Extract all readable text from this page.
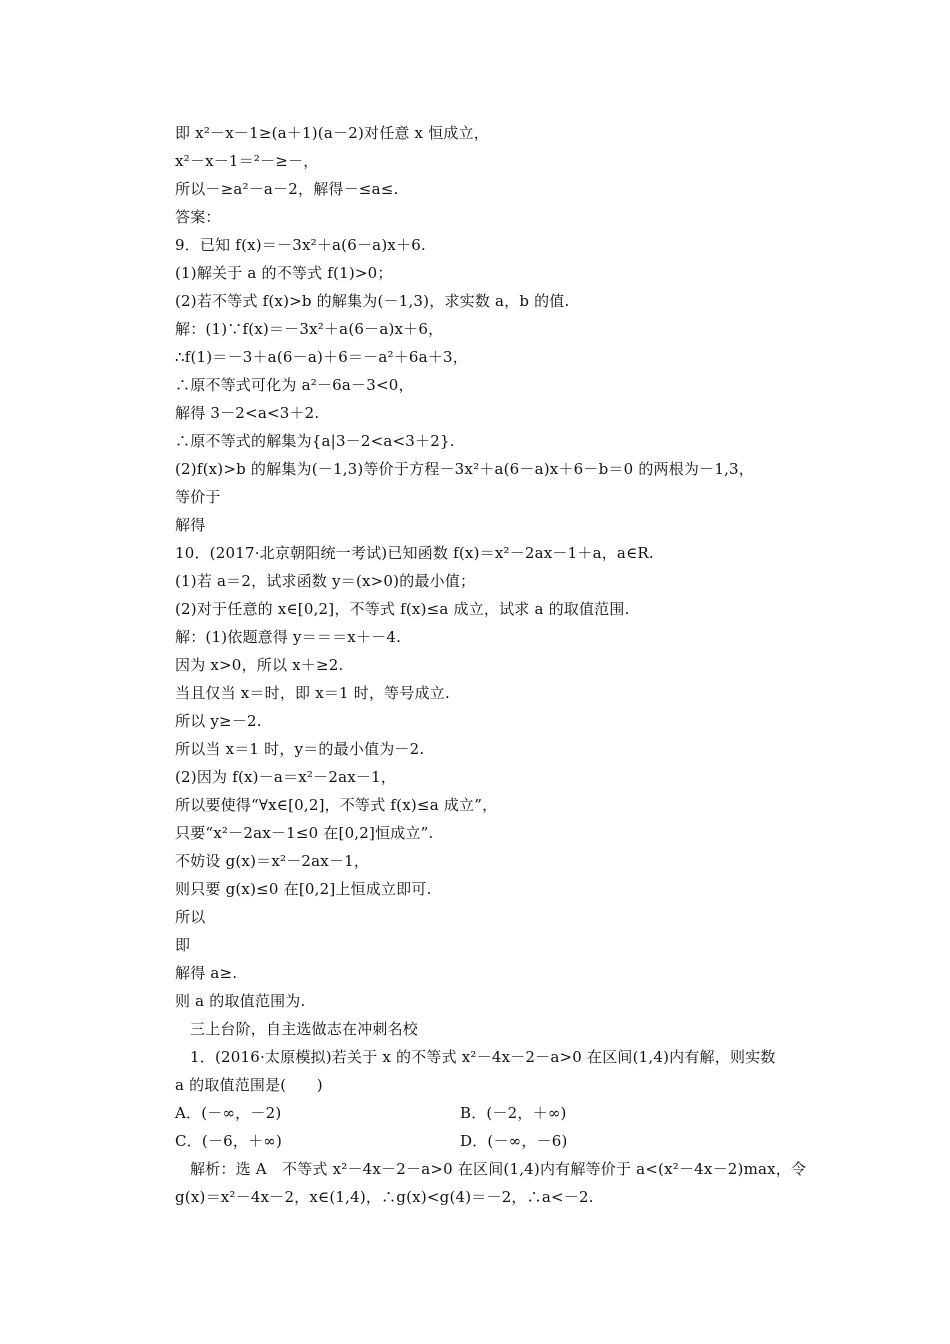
即 x²－x－1≥(a＋1)(a－2)对任意 x 恒成立，
x²－x－1＝²－≥－，
所以－≥a²－a－2，解得－≤a≤.
答案：
9．已知 f(x)＝－3x²＋a(6－a)x＋6.
(1)解关于 a 的不等式 f(1)>0；
(2)若不等式 f(x)>b 的解集为(－1,3)，求实数 a，b 的值.
解：(1)∵f(x)＝－3x²＋a(6－a)x＋6，
∴f(1)＝－3＋a(6－a)＋6＝－a²＋6a＋3，
∴原不等式可化为 a²－6a－3<0，
解得 3－2<a<3＋2.
∴原不等式的解集为{a|3－2<a<3＋2}.
(2)f(x)>b 的解集为(－1,3)等价于方程－3x²＋a(6－a)x＋6－b＝0 的两根为－1,3，
等价于
解得
10．(2017·北京朝阳统一考试)已知函数 f(x)＝x²－2ax－1＋a，a∈R.
(1)若 a＝2，试求函数 y＝(x>0)的最小值；
(2)对于任意的 x∈[0,2]，不等式 f(x)≤a 成立，试求 a 的取值范围.
解：(1)依题意得 y＝＝＝x＋－4.
因为 x>0，所以 x＋≥2.
当且仅当 x＝时，即 x＝1 时，等号成立.
所以 y≥－2.
所以当 x＝1 时，y＝的最小值为－2.
(2)因为 f(x)－a＝x²－2ax－1，
所以要使得“∀x∈[0,2]，不等式 f(x)≤a 成立”，
只要“x²－2ax－1≤0 在[0,2]恒成立”.
不妨设 g(x)＝x²－2ax－1，
则只要 g(x)≤0 在[0,2]上恒成立即可.
所以
即
解得 a≥.
则 a 的取值范围为.
三上台阶，自主选做志在冲刺名校
1．(2016·太原模拟)若关于 x 的不等式 x²－4x－2－a>0 在区间(1,4)内有解，则实数
a 的取值范围是(　　)
解析：选 A　不等式 x²－4x－2－a>0 在区间(1,4)内有解等价于 a<(x²－4x－2)max，令
g(x)＝x²－4x－2，x∈(1,4)，∴g(x)<g(4)＝－2，∴a<－2.
A．(－∞，－2)	B．(－2，＋∞)
C．(－6，＋∞)	D．(－∞，－6)
